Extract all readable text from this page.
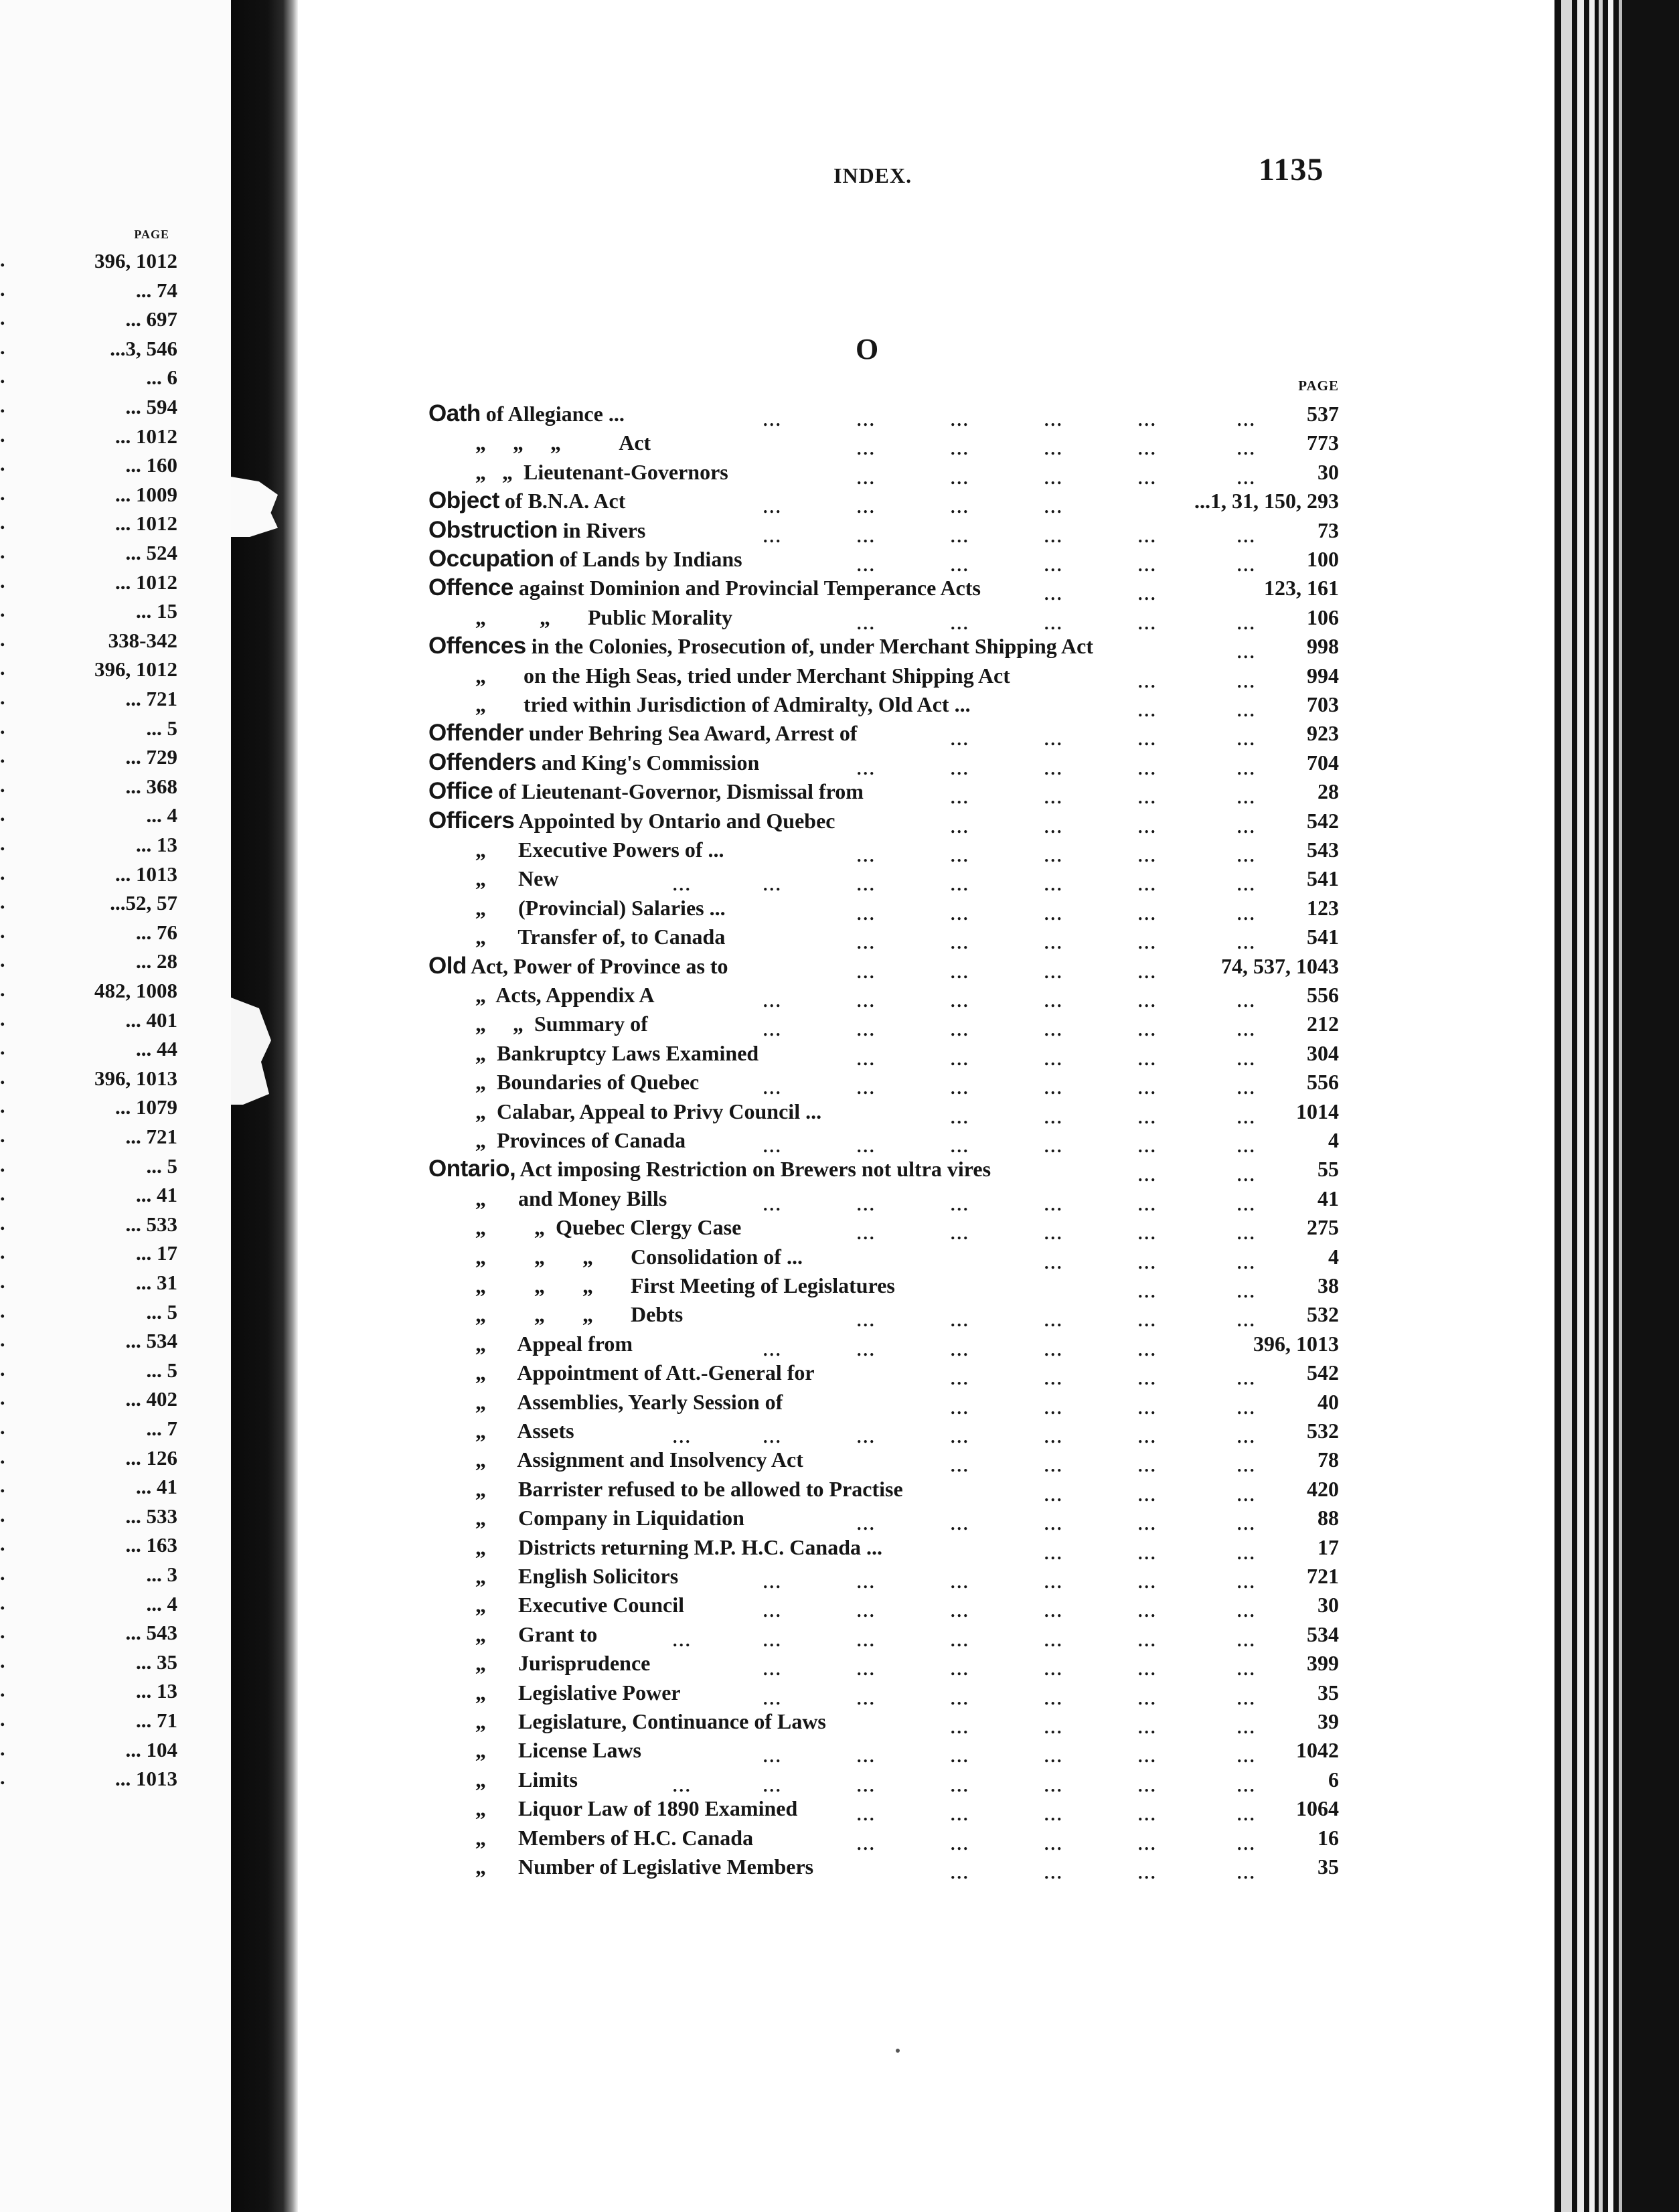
PAGE
.	396, 1012
.	... 74
.	... 697
.	...3, 546
.	... 6
.	... 594
.	... 1012
.	... 160
.	... 1009
.	... 1012
.	... 524
.	... 1012
.	... 15
.	338-342
.	396, 1012
.	... 721
.	... 5
.	... 729
.	... 368
.	... 4
.	... 13
.	... 1013
.	...52, 57
.	... 76
.	... 28
.	482, 1008
.	... 401
.	... 44
.	396, 1013
.	... 1079
.	... 721
.	... 5
.	... 41
.	... 533
.	... 17
.	... 31
.	... 5
.	... 534
.	... 5
.	... 402
.	... 7
.	... 126
.	... 41
.	... 533
.	... 163
.	... 3
.	... 4
.	... 543
.	... 35
.	... 13
.	... 71
.	... 104
.	... 1013
INDEX.	1135
O
PAGE
Oath of Allegiance ...	...	...	...	...	...	... 537
„     „     „           Act	...	...	...	...	... 773
„   „  Lieutenant-Governors	...	...	...	...	...	30
Object of B.N.A. Act	...	...	...	...	...1, 31, 150, 293
Obstruction in Rivers	...	...	...	...	...	...	73
Occupation of Lands by Indians	...	...	...	...	... 100
Offence against Dominion and Provincial Temperance Acts	...	...	123, 161
„          „       Public Morality	...	...	...	...	... 106
Offences in the Colonies, Prosecution of, under Merchant Shipping Act	... 998
„       on the High Seas, tried under Merchant Shipping Act	...	... 994
„       tried within Jurisdiction of Admiralty, Old Act ...	...	... 703
Offender under Behring Sea Award, Arrest of	...	...	...	... 923
Offenders and King's Commission	...	...	...	...	... 704
Office of Lieutenant-Governor, Dismissal from	...	...	...	...	28
Officers Appointed by Ontario and Quebec	...	...	...	... 542
„      Executive Powers of ...	...	...	...	...	... 543
„      New	...	...	...	...	...	...	... 541
„      (Provincial) Salaries ...	...	...	...	...	... 123
„      Transfer of, to Canada	...	...	...	...	... 541
Old Act, Power of Province as to	...	...	...	...	74, 537, 1043
„  Acts, Appendix A	...	...	...	...	...	... 556
„     „  Summary of	...	...	...	...	...	... 212
„  Bankruptcy Laws Examined	...	...	...	...	... 304
„  Boundaries of Quebec	...	...	...	...	...	... 556
„  Calabar, Appeal to Privy Council ...	...	...	...	... 1014
„  Provinces of Canada	...	...	...	...	...	...	4
Ontario, Act imposing Restriction on Brewers not ultra vires	...	...	55
„      and Money Bills	...	...	...	...	...	...	41
„         „  Quebec Clergy Case	...	...	...	...	... 275
„         „       „       Consolidation of ...	...	...	...	4
„         „       „       First Meeting of Legislatures	...	...	38
„         „       „       Debts	...	...	...	...	... 532
„      Appeal from	...	...	...	...	...	396, 1013
„      Appointment of Att.-General for	...	...	...	... 542
„      Assemblies, Yearly Session of	...	...	...	...	40
„      Assets	...	...	...	...	...	...	... 532
„      Assignment and Insolvency Act	...	...	...	...	78
„      Barrister refused to be allowed to Practise	...	...	... 420
„      Company in Liquidation	...	...	...	...	...	88
„      Districts returning M.P. H.C. Canada ...	...	...	...	17
„      English Solicitors	...	...	...	...	...	... 721
„      Executive Council	...	...	...	...	...	...	30
„      Grant to	...	...	...	...	...	...	... 534
„      Jurisprudence	...	...	...	...	...	... 399
„      Legislative Power	...	...	...	...	...	...	35
„      Legislature, Continuance of Laws	...	...	...	...	39
„      License Laws	...	...	...	...	...	... 1042
„      Limits	...	...	...	...	...	...	...	6
„      Liquor Law of 1890 Examined	...	...	...	...	... 1064
„      Members of H.C. Canada	...	...	...	...	...	16
„      Number of Legislative Members	...	...	...	...	35
